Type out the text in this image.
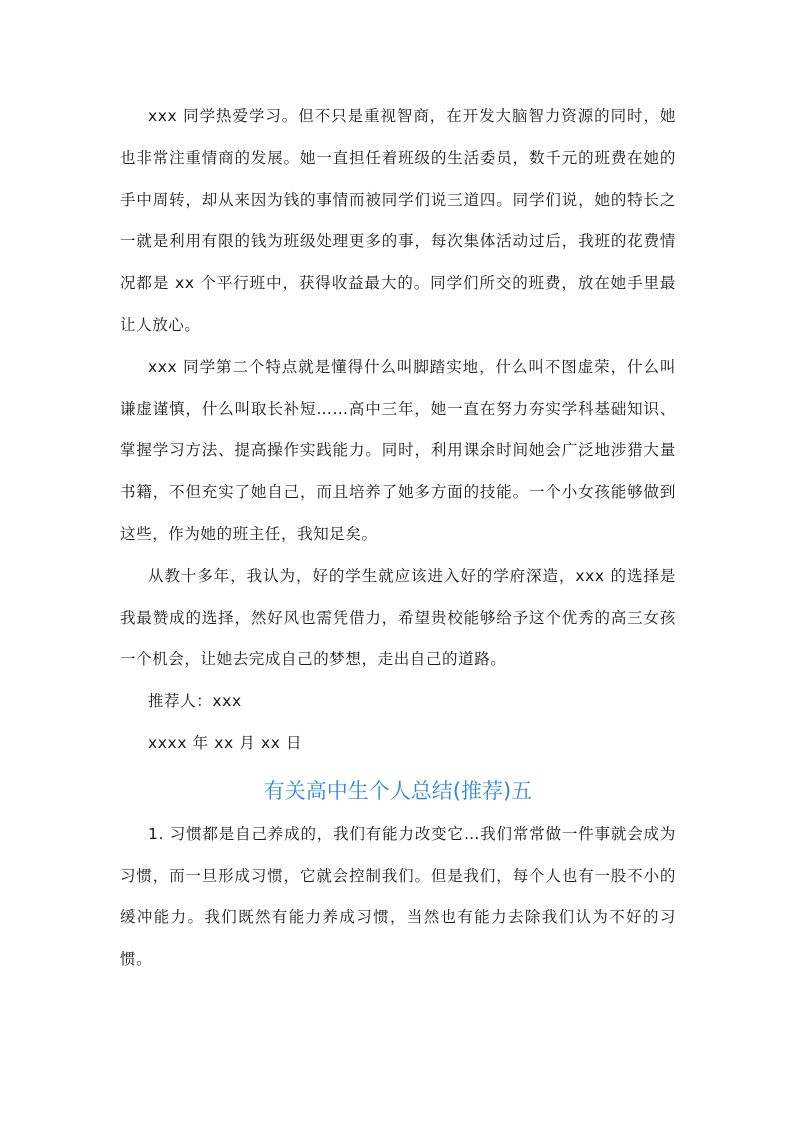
xxx 同学热爱学习。但不只是重视智商，在开发大脑智力资源的同时，她也非常注重情商的发展。她一直担任着班级的生活委员，数千元的班费在她的手中周转，却从来因为钱的事情而被同学们说三道四。同学们说，她的特长之一就是利用有限的钱为班级处理更多的事，每次集体活动过后，我班的花费情况都是 xx 个平行班中，获得收益最大的。同学们所交的班费，放在她手里最让人放心。

xxx 同学第二个特点就是懂得什么叫脚踏实地，什么叫不图虚荣，什么叫谦虚谨慎，什么叫取长补短……高中三年，她一直在努力夯实学科基础知识、掌握学习方法、提高操作实践能力。同时，利用课余时间她会广泛地涉猎大量书籍，不但充实了她自己，而且培养了她多方面的技能。一个小女孩能够做到这些，作为她的班主任，我知足矣。

从教十多年，我认为，好的学生就应该进入好的学府深造，xxx 的选择是我最赞成的选择，然好风也需凭借力，希望贵校能够给予这个优秀的高三女孩一个机会，让她去完成自己的梦想，走出自己的道路。

推荐人：xxx

xxxx 年 xx 月 xx 日

有关高中生个人总结(推荐)五

1. 习惯都是自己养成的，我们有能力改变它…我们常常做一件事就会成为习惯，而一旦形成习惯，它就会控制我们。但是我们，每个人也有一股不小的缓冲能力。我们既然有能力养成习惯，当然也有能力去除我们认为不好的习惯。
